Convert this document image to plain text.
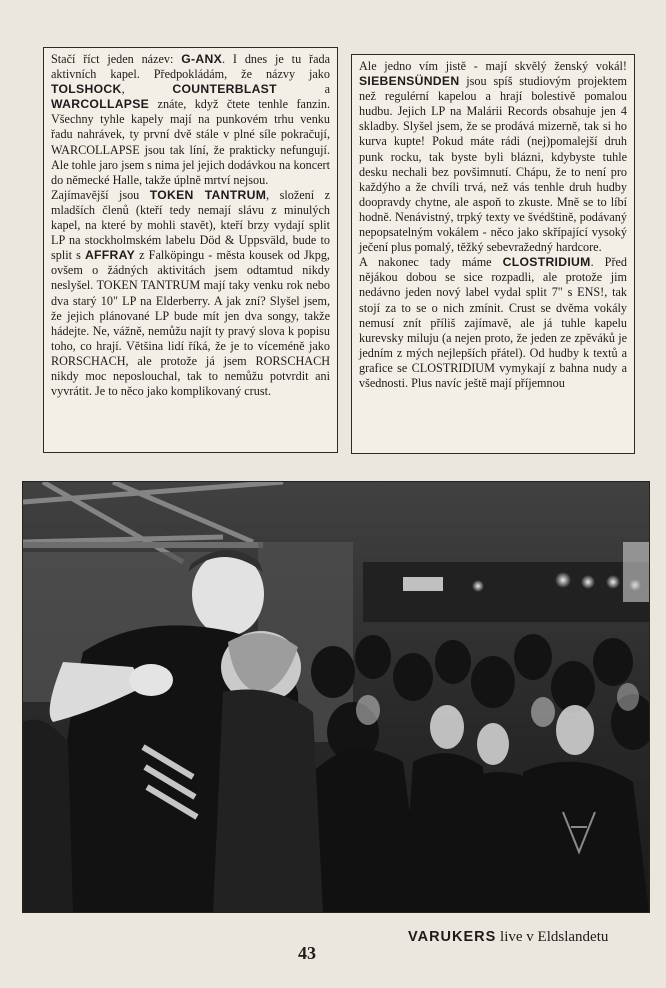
Stačí říct jeden název: G-ANX. I dnes je tu řada aktivních kapel. Předpokládám, že názvy jako TOLSHOCK, COUNTERBLAST a WARCOLLAPSE znáte, když čtete tenhle fanzin. Všechny tyhle kapely mají na punkovém trhu venku řadu nahrávek, ty první dvě stále v plné síle pokračují, WARCOLLAPSE jsou tak líní, že prakticky nefungují. Ale tohle jaro jsem s nima jel jejich dodávkou na koncert do německé Halle, takže úplně mrtví nejsou.

Zajímavější jsou TOKEN TANTRUM, složení z mladších členů (kteří tedy nemají slávu z minulých kapel, na které by mohli stavět), kteří brzy vydají split LP na stockholmském labelu Död & Uppsväld, bude to split s AFFRAY z Falköpingu - města kousek od Jkpg, ovšem o žádných aktivitách jsem odtamtud nikdy neslyšel. TOKEN TANTRUM mají taky venku rok nebo dva starý 10" LP na Elderberry. A jak zní? Slyšel jsem, že jejich plánované LP bude mít jen dva songy, takže hádejte. Ne, vážně, nemůžu najít ty pravý slova k popisu toho, co hrají. Většina lidí říká, že je to víceméně jako RORSCHACH, ale protože já jsem RORSCHACH nikdy moc neposlouchal, tak to nemůžu potvrdit ani vyvrátit. Je to něco jako komplikovaný crust.

Ale jedno vím jistě - mají skvělý ženský vokál! SIEBENSÜNDEN jsou spíš studiovým projektem než regulérní kapelou a hrají bolestivě pomalou hudbu. Jejich LP na Malárii Records obsahuje jen 4 skladby. Slyšel jsem, že se prodává mizerně, tak si ho kurva kupte! Pokud máte rádi (nej)pomalejší druh punk rocku, tak byste byli blázni, kdybyste tuhle desku nechali bez povšimnutí. Chápu, že to není pro každýho a že chvíli trvá, než vás tenhle druh hudby doopravdy chytne, ale aspoň to zkuste. Mně se to líbí hodně. Nenávistný, trpký texty ve švédštině, podávaný nepopsatelným vokálem - něco jako skřípající vysoký ječení plus pomalý, těžký sebevražedný hardcore.

A nakonec tady máme CLOSTRIDIUM. Před nějákou dobou se sice rozpadli, ale protože jim nedávno jeden nový label vydal split 7" s ENS!, tak stojí za to se o nich zmínit. Crust se dvěma vokály nemusí znít příliš zajímavě, ale já tuhle kapelu kurevsky miluju (a nejen proto, že jeden ze zpěváků je jedním z mých nejlepších přátel). Od hudby k textů a grafice se CLOSTRIDIUM vymykají z bahna nudy a všednosti. Plus navíc ještě mají příjemnou

VARUKERS live v Eldslandetu
43
